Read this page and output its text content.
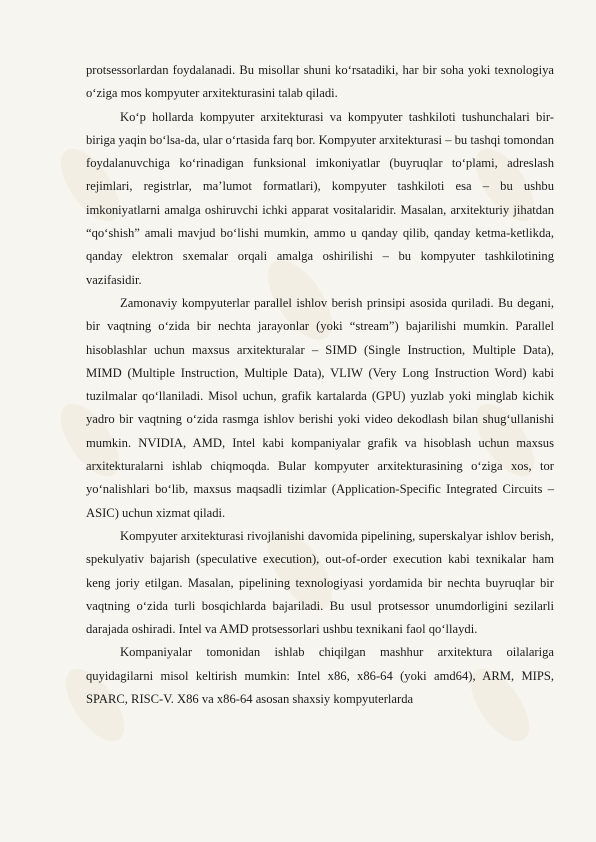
protsessorlardan foydalanadi. Bu misollar shuni ko‘rsatadiki, har bir soha yoki texnologiya o‘ziga mos kompyuter arxitekturasini talab qiladi.

Ko‘p hollarda kompyuter arxitekturasi va kompyuter tashkiloti tushunchalari bir-biriga yaqin bo‘lsa-da, ular o‘rtasida farq bor. Kompyuter arxitekturasi – bu tashqi tomondan foydalanuvchiga ko‘rinadigan funksional imkoniyatlar (buyruqlar to‘plami, adreslash rejimlari, registrlar, ma’lumot formatlari), kompyuter tashkiloti esa – bu ushbu imkoniyatlarni amalga oshiruvchi ichki apparat vositalaridir. Masalan, arxitekturiy jihatdan “qo‘shish” amali mavjud bo‘lishi mumkin, ammo u qanday qilib, qanday ketma-ketlikda, qanday elektron sxemalar orqali amalga oshirilishi – bu kompyuter tashkilotining vazifasidir.

Zamonaviy kompyuterlar parallel ishlov berish prinsipi asosida quriladi. Bu degani, bir vaqtning o‘zida bir nechta jarayonlar (yoki “stream”) bajarilishi mumkin. Parallel hisoblashlar uchun maxsus arxitekturalar – SIMD (Single Instruction, Multiple Data), MIMD (Multiple Instruction, Multiple Data), VLIW (Very Long Instruction Word) kabi tuzilmalar qo‘llaniladi. Misol uchun, grafik kartalarda (GPU) yuzlab yoki minglab kichik yadro bir vaqtning o‘zida rasmga ishlov berishi yoki video dekodlash bilan shug‘ullanishi mumkin. NVIDIA, AMD, Intel kabi kompaniyalar grafik va hisoblash uchun maxsus arxitekturalarni ishlab chiqmoqda. Bular kompyuter arxitekturasining o‘ziga xos, tor yo‘nalishlari bo‘lib, maxsus maqsadli tizimlar (Application-Specific Integrated Circuits – ASIC) uchun xizmat qiladi.

Kompyuter arxitekturasi rivojlanishi davomida pipelining, superskalyar ishlov berish, spekulyativ bajarish (speculative execution), out-of-order execution kabi texnikalar ham keng joriy etilgan. Masalan, pipelining texnologiyasi yordamida bir nechta buyruqlar bir vaqtning o‘zida turli bosqichlarda bajariladi. Bu usul protsessor unumdorligini sezilarli darajada oshiradi. Intel va AMD protsessorlari ushbu texnikani faol qo‘llaydi.

Kompaniyalar tomonidan ishlab chiqilgan mashhur arxitektura oilalariga quyidagilarni misol keltirish mumkin: Intel x86, x86-64 (yoki amd64), ARM, MIPS, SPARC, RISC-V. X86 va x86-64 asosan shaxsiy kompyuterlarda
